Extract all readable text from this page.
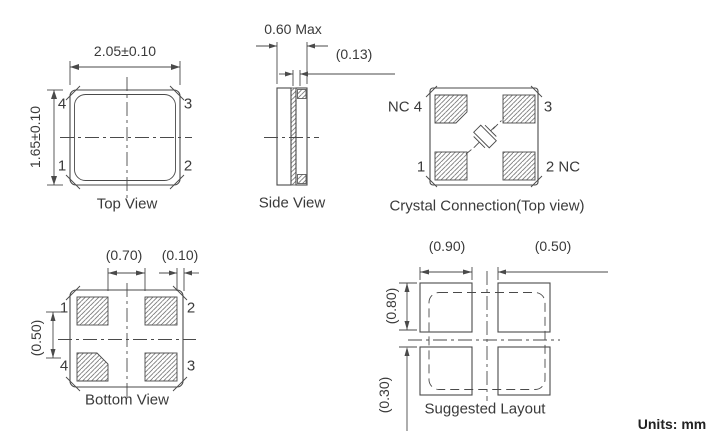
2.05±0.10
1.65±0.10
4	3
1	2
Top View
0.60 Max
(0.13)
Side View
NC 4	3
1	2 NC
Crystal Connection(Top view)
(0.70) (0.10)
(0.50)
1	2
4	3
Bottom View
(0.90)	(0.50)
(0.80)
(0.30) Suggested Layout
Units: mm
